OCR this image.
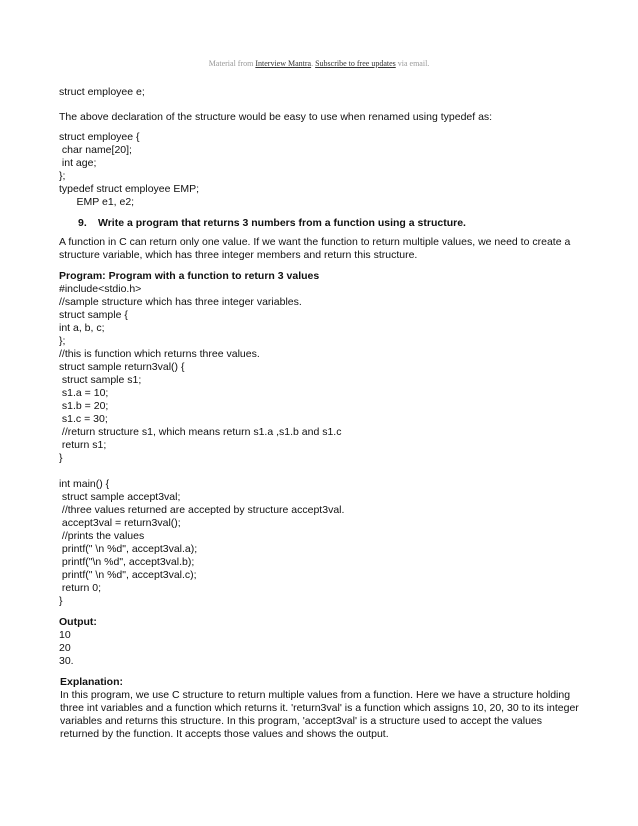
Material from Interview Mantra. Subscribe to free updates via email.
struct employee e;
The above declaration of the structure would be easy to use when renamed using typedef as:
struct employee {
char name[20];
int age;
};
typedef struct employee EMP;
EMP e1, e2;
9. Write a program that returns 3 numbers from a function using a structure.
A function in C can return only one value. If we want the function to return multiple values, we need to create a
structure variable, which has three integer members and return this structure.
Program: Program with a function to return 3 values
#include<stdio.h>
//sample structure which has three integer variables.
struct sample {
int a, b, c;
};
//this is function which returns three values.
struct sample return3val() {
struct sample s1;
s1.a = 10;
s1.b = 20;
s1.c = 30;
//return structure s1, which means return s1.a ,s1.b and s1.c
return s1;
}
int main() {
struct sample accept3val;
//three values returned are accepted by structure accept3val.
accept3val = return3val();
//prints the values
printf(" \n %d", accept3val.a);
printf("\n %d", accept3val.b);
printf(" \n %d", accept3val.c);
return 0;
}
Output:
10
20
30.
Explanation:
In this program, we use C structure to return multiple values from a function. Here we have a structure holding
three int variables and a function which returns it. 'return3val' is a function which assigns 10, 20, 30 to its integer
variables and returns this structure. In this program, 'accept3val' is a structure used to accept the values
returned by the function. It accepts those values and shows the output.
